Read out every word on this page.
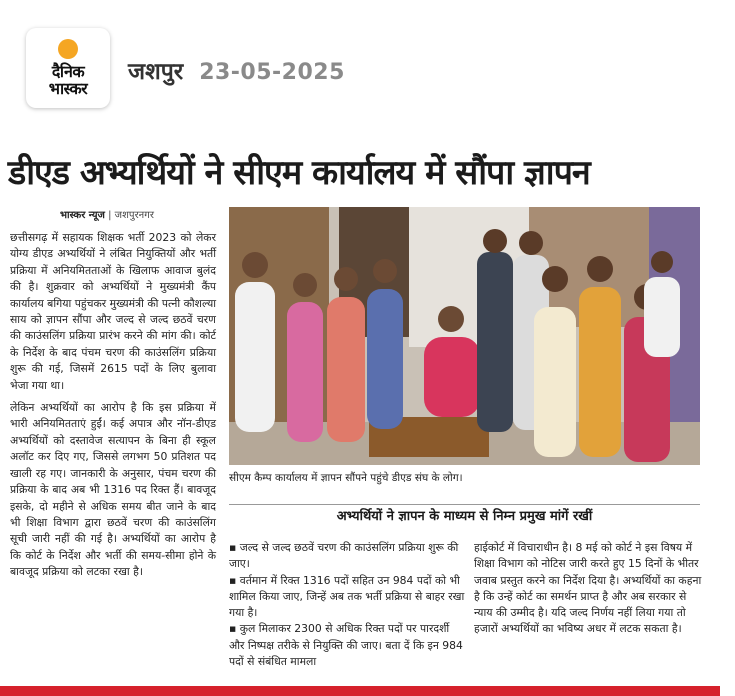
दैनिक
भास्कर
जशपुर 23-05-2025
डीएड अभ्यर्थियों ने सीएम कार्यालय में सौंपा ज्ञापन
भास्कर न्यूज | जशपुरनगर

छत्तीसगढ़ में सहायक शिक्षक भर्ती 2023 को लेकर योग्य डीएड अभ्यर्थियों ने लंबित नियुक्तियों और भर्ती प्रक्रिया में अनियमितताओं के खिलाफ आवाज बुलंद की है। शुक्रवार को अभ्यर्थियों ने मुख्यमंत्री कैंप कार्यालय बगिया पहुंचकर मुख्यमंत्री की पत्नी कौशल्या साय को ज्ञापन सौंपा और जल्द से जल्द छठवें चरण की काउंसलिंग प्रक्रिया प्रारंभ करने की मांग की। कोर्ट के निर्देश के बाद पंचम चरण की काउंसलिंग प्रक्रिया शुरू की गई, जिसमें 2615 पदों के लिए बुलावा भेजा गया था।

लेकिन अभ्यर्थियों का आरोप है कि इस प्रक्रिया में भारी अनियमितताएं हुईं। कई अपात्र और नॉन-डीएड अभ्यर्थियों को दस्तावेज सत्यापन के बिना ही स्कूल अलॉट कर दिए गए, जिससे लगभग 50 प्रतिशत पद खाली रह गए। जानकारी के अनुसार, पंचम चरण की प्रक्रिया के बाद अब भी 1316 पद रिक्त हैं। बावजूद इसके, दो महीने से अधिक समय बीत जाने के बाद भी शिक्षा विभाग द्वारा छठवें चरण की काउंसलिंग सूची जारी नहीं की गई है। अभ्यर्थियों का आरोप है कि कोर्ट के निर्देश और भर्ती की समय-सीमा होने के बावजूद प्रक्रिया को लटका रखा है।

सीएम कैम्प कार्यालय में ज्ञापन सौंपने पहुंचे डीएड संघ के लोग।
अभ्यर्थियों ने ज्ञापन के माध्यम से निम्न प्रमुख मांगें रखीं
▪ जल्द से जल्द छठवें चरण की काउंसलिंग प्रक्रिया शुरू की जाए।
▪ वर्तमान में रिक्त 1316 पदों सहित उन 984 पदों को भी शामिल किया जाए, जिन्हें अब तक भर्ती प्रक्रिया से बाहर रखा गया है।
▪ कुल मिलाकर 2300 से अधिक रिक्त पदों पर पारदर्शी और निष्पक्ष तरीके से नियुक्ति की जाए। बता दें कि इन 984 पदों से संबंधित मामला
हाईकोर्ट में विचाराधीन है। 8 मई को कोर्ट ने इस विषय में शिक्षा विभाग को नोटिस जारी करते हुए 15 दिनों के भीतर जवाब प्रस्तुत करने का निर्देश दिया है। अभ्यर्थियों का कहना है कि उन्हें कोर्ट का समर्थन प्राप्त है और अब सरकार से न्याय की उम्मीद है। यदि जल्द निर्णय नहीं लिया गया तो हजारों अभ्यर्थियों का भविष्य अधर में लटक सकता है।
